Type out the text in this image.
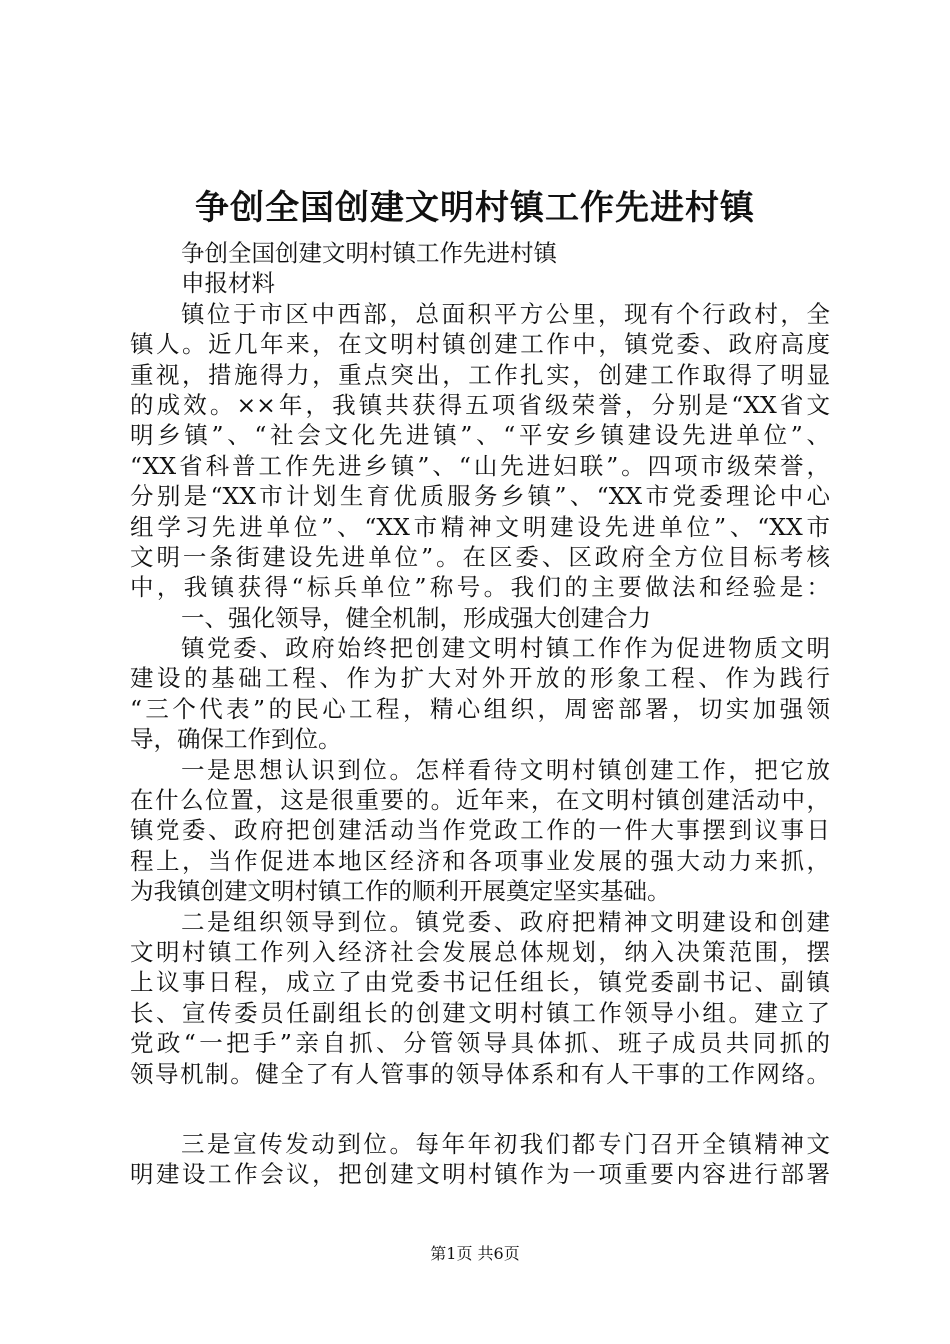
争创全国创建文明村镇工作先进村镇
争创全国创建文明村镇工作先进村镇
申报材料
镇位于市区中西部，总面积平方公里，现有个行政村，全
镇人。近几年来，在文明村镇创建工作中，镇党委、政府高度
重视，措施得力，重点突出，工作扎实，创建工作取得了明显
的成效。××年，我镇共获得五项省级荣誉，分别是“XX省文
明乡镇”、“社会文化先进镇”、“平安乡镇建设先进单位”、
“XX省科普工作先进乡镇”、“山先进妇联”。四项市级荣誉，
分别是“XX市计划生育优质服务乡镇”、“XX市党委理论中心
组学习先进单位”、“XX市精神文明建设先进单位”、“XX市
文明一条街建设先进单位”。在区委、区政府全方位目标考核
中，我镇获得“标兵单位”称号。我们的主要做法和经验是：
一、强化领导，健全机制，形成强大创建合力
镇党委、政府始终把创建文明村镇工作作为促进物质文明
建设的基础工程、作为扩大对外开放的形象工程、作为践行
“三个代表”的民心工程，精心组织，周密部署，切实加强领
导，确保工作到位。
一是思想认识到位。怎样看待文明村镇创建工作，把它放
在什么位置，这是很重要的。近年来，在文明村镇创建活动中，
镇党委、政府把创建活动当作党政工作的一件大事摆到议事日
程上，当作促进本地区经济和各项事业发展的强大动力来抓，
为我镇创建文明村镇工作的顺利开展奠定坚实基础。
二是组织领导到位。镇党委、政府把精神文明建设和创建
文明村镇工作列入经济社会发展总体规划，纳入决策范围，摆
上议事日程，成立了由党委书记任组长，镇党委副书记、副镇
长、宣传委员任副组长的创建文明村镇工作领导小组。建立了
党政“一把手”亲自抓、分管领导具体抓、班子成员共同抓的
领导机制。健全了有人管事的领导体系和有人干事的工作网络。
三是宣传发动到位。每年年初我们都专门召开全镇精神文
明建设工作会议，把创建文明村镇作为一项重要内容进行部署
第1页 共6页
